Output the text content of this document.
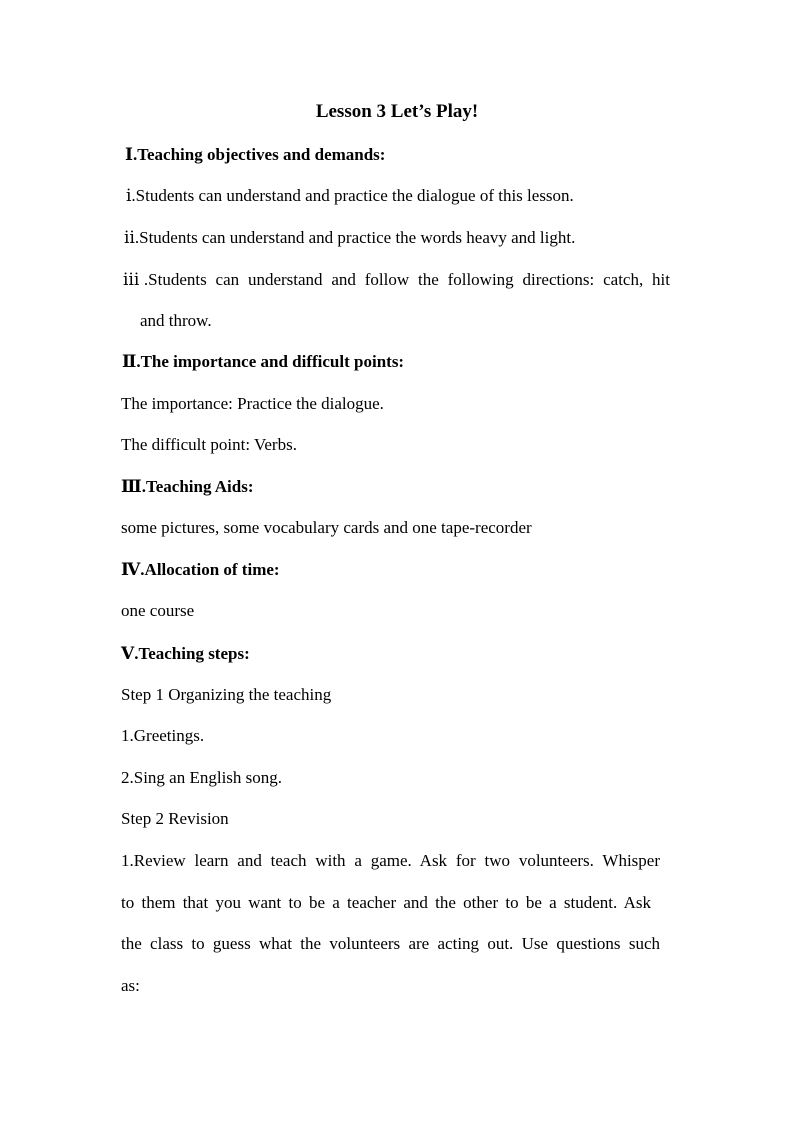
Lesson 3 Let’s Play!
Ⅰ.Teaching objectives and demands:
ⅰ.Students can understand and practice the dialogue of this lesson.
ⅱ.Students can understand and practice the words heavy and light.
ⅲ.Students can understand and follow the following directions: catch, hit
and throw.
Ⅱ.The importance and difficult points:
The importance: Practice the dialogue.
The difficult point: Verbs.
Ⅲ.Teaching Aids:
some pictures, some vocabulary cards and one tape-recorder
Ⅳ.Allocation of time:
one course
Ⅴ.Teaching steps:
Step 1 Organizing the teaching
1.Greetings.
2.Sing an English song.
Step 2 Revision
1.Review learn and teach with a game. Ask for two volunteers. Whisper
to them that you want to be a teacher and the other to be a student. Ask
the class to guess what the volunteers are acting out. Use questions such
as:
